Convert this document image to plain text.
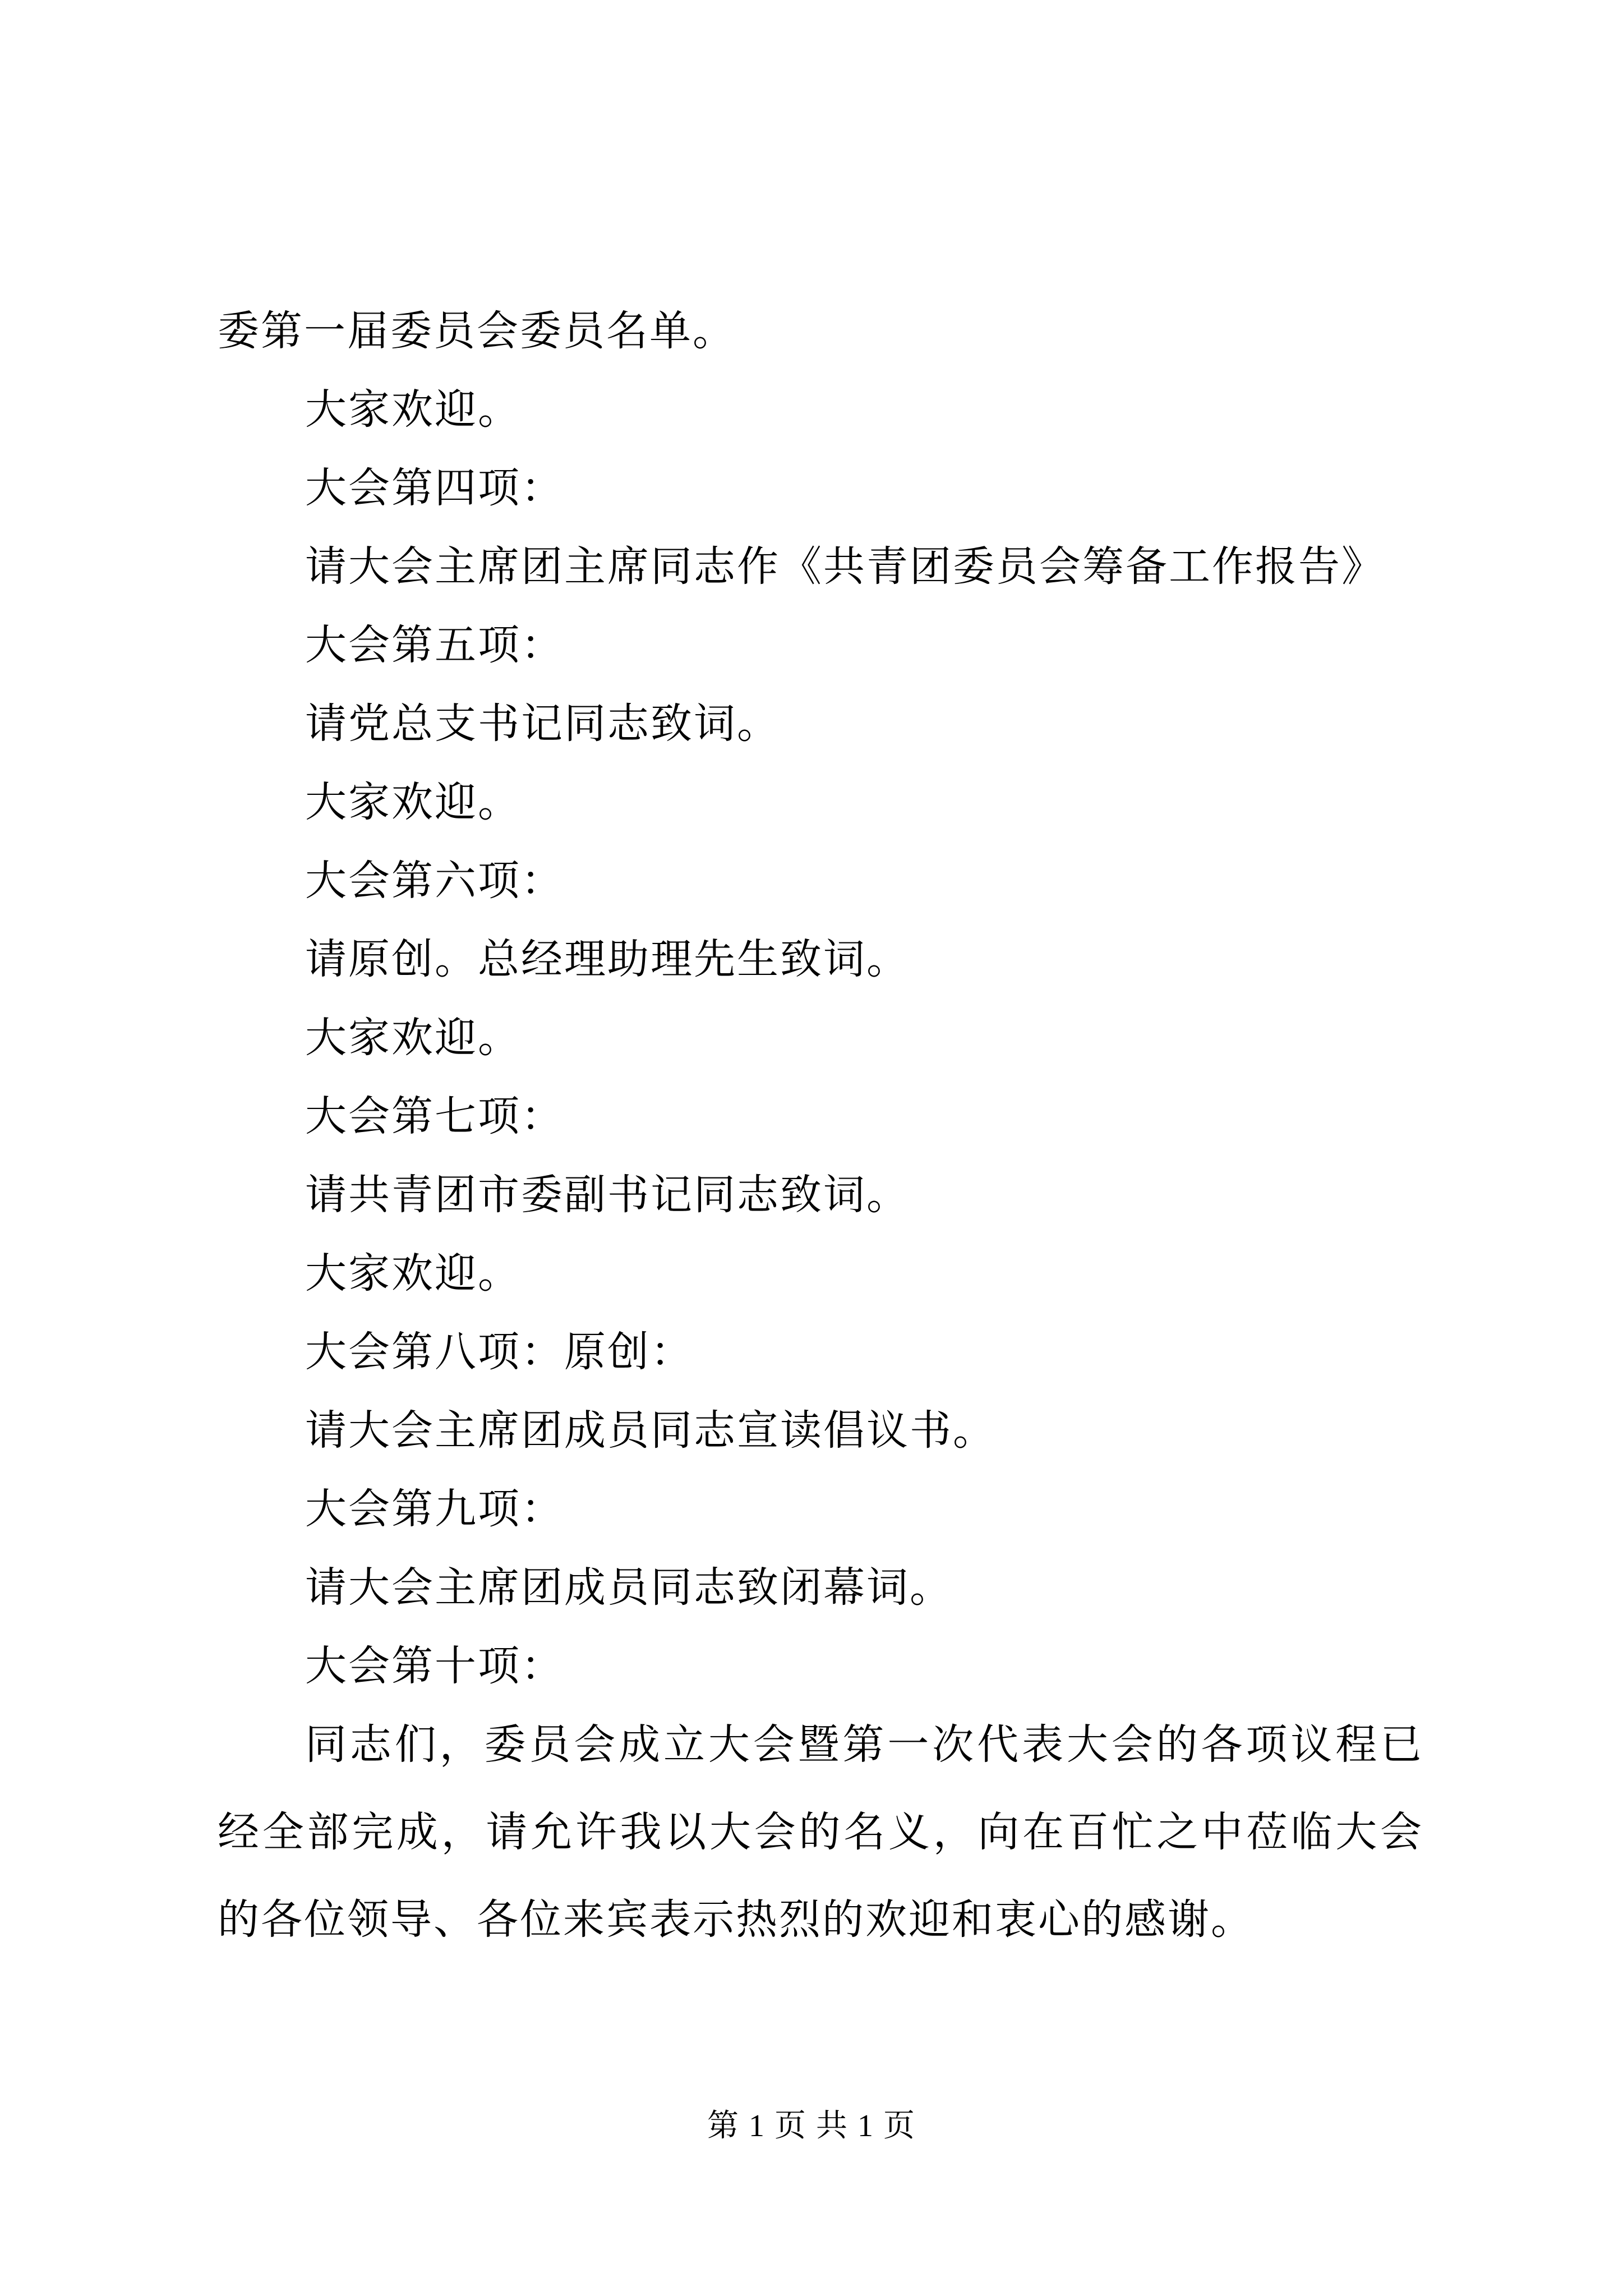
委第一届委员会委员名单。
大家欢迎。
大会第四项：
请大会主席团主席同志作《共青团委员会筹备工作报告》
大会第五项：
请党总支书记同志致词。
大家欢迎。
大会第六项：
请原创。总经理助理先生致词。
大家欢迎。
大会第七项：
请共青团市委副书记同志致词。
大家欢迎。
大会第八项：原创：
请大会主席团成员同志宣读倡议书。
大会第九项：
请大会主席团成员同志致闭幕词。
大会第十项：
同志们，委员会成立大会暨第一次代表大会的各项议程已经全部完成，请允许我以大会的名义，向在百忙之中莅临大会的各位领导、各位来宾表示热烈的欢迎和衷心的感谢。
第 1 页 共 1 页
